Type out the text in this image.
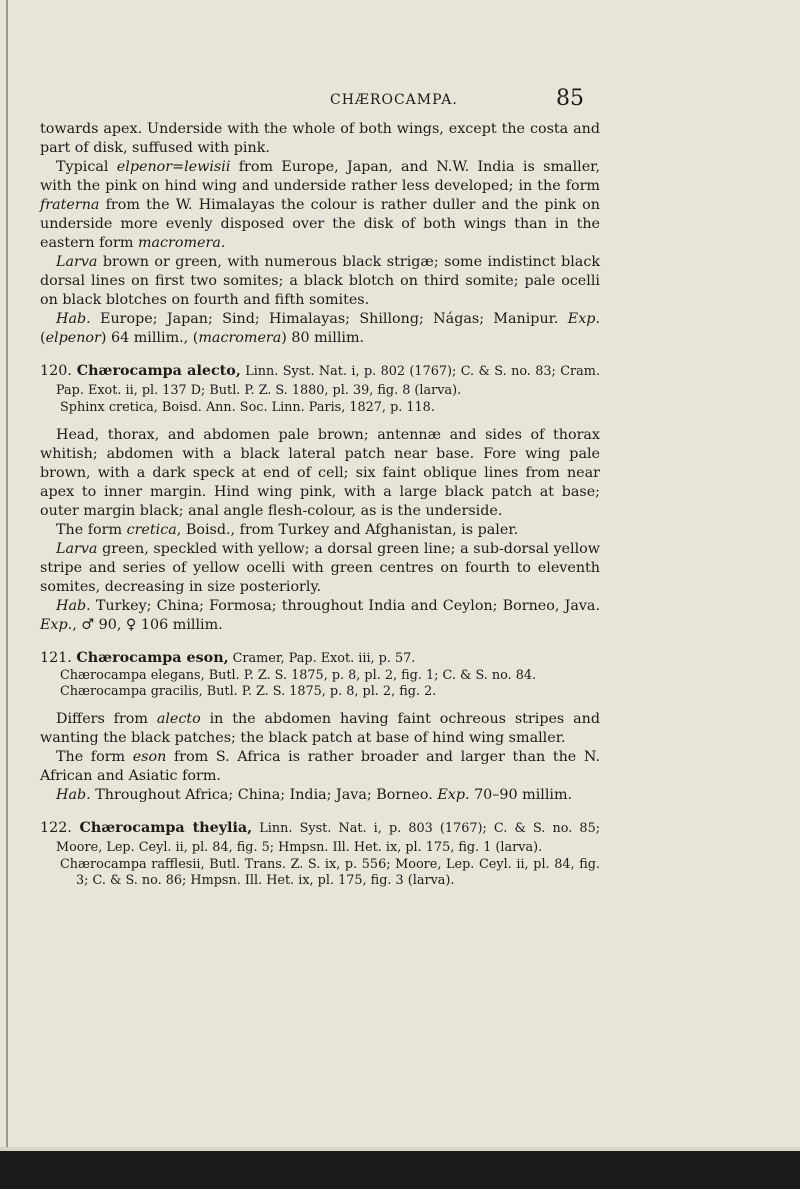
CHÆROCAMPA.	85

towards apex. Underside with the whole of both wings, except the costa and part of disk, suffused with pink.

Typical elpenor=lewisii from Europe, Japan, and N.W. India is smaller, with the pink on hind wing and underside rather less developed; in the form fraterna from the W. Himalayas the colour is rather duller and the pink on underside more evenly disposed over the disk of both wings than in the eastern form macromera.

Larva brown or green, with numerous black strigæ; some indistinct black dorsal lines on first two somites; a black blotch on third somite; pale ocelli on black blotches on fourth and fifth somites.

Hab. Europe; Japan; Sind; Himalayas; Shillong; Nágas; Manipur. Exp. (elpenor) 64 millim., (macromera) 80 millim.

120. Chærocampa alecto, Linn. Syst. Nat. i, p. 802 (1767); C. & S. no. 83; Cram. Pap. Exot. ii, pl. 137 D; Butl. P. Z. S. 1880, pl. 39, fig. 8 (larva).

Sphinx cretica, Boisd. Ann. Soc. Linn. Paris, 1827, p. 118.

Head, thorax, and abdomen pale brown; antennæ and sides of thorax whitish; abdomen with a black lateral patch near base. Fore wing pale brown, with a dark speck at end of cell; six faint oblique lines from near apex to inner margin. Hind wing pink, with a large black patch at base; outer margin black; anal angle flesh-colour, as is the underside.

The form cretica, Boisd., from Turkey and Afghanistan, is paler.

Larva green, speckled with yellow; a dorsal green line; a sub-dorsal yellow stripe and series of yellow ocelli with green centres on fourth to eleventh somites, decreasing in size posteriorly.

Hab. Turkey; China; Formosa; throughout India and Ceylon; Borneo, Java. Exp., ♂ 90, ♀ 106 millim.

121. Chærocampa eson, Cramer, Pap. Exot. iii, p. 57.

Chærocampa elegans, Butl. P. Z. S. 1875, p. 8, pl. 2, fig. 1; C. & S. no. 84.

Chærocampa gracilis, Butl. P. Z. S. 1875, p. 8, pl. 2, fig. 2.

Differs from alecto in the abdomen having faint ochreous stripes and wanting the black patches; the black patch at base of hind wing smaller.

The form eson from S. Africa is rather broader and larger than the N. African and Asiatic form.

Hab. Throughout Africa; China; India; Java; Borneo. Exp. 70–90 millim.

122. Chærocampa theylia, Linn. Syst. Nat. i, p. 803 (1767); C. & S. no. 85; Moore, Lep. Ceyl. ii, pl. 84, fig. 5; Hmpsn. Ill. Het. ix, pl. 175, fig. 1 (larva).

Chærocampa rafflesii, Butl. Trans. Z. S. ix, p. 556; Moore, Lep. Ceyl. ii, pl. 84, fig. 3; C. & S. no. 86; Hmpsn. Ill. Het. ix, pl. 175, fig. 3 (larva).
